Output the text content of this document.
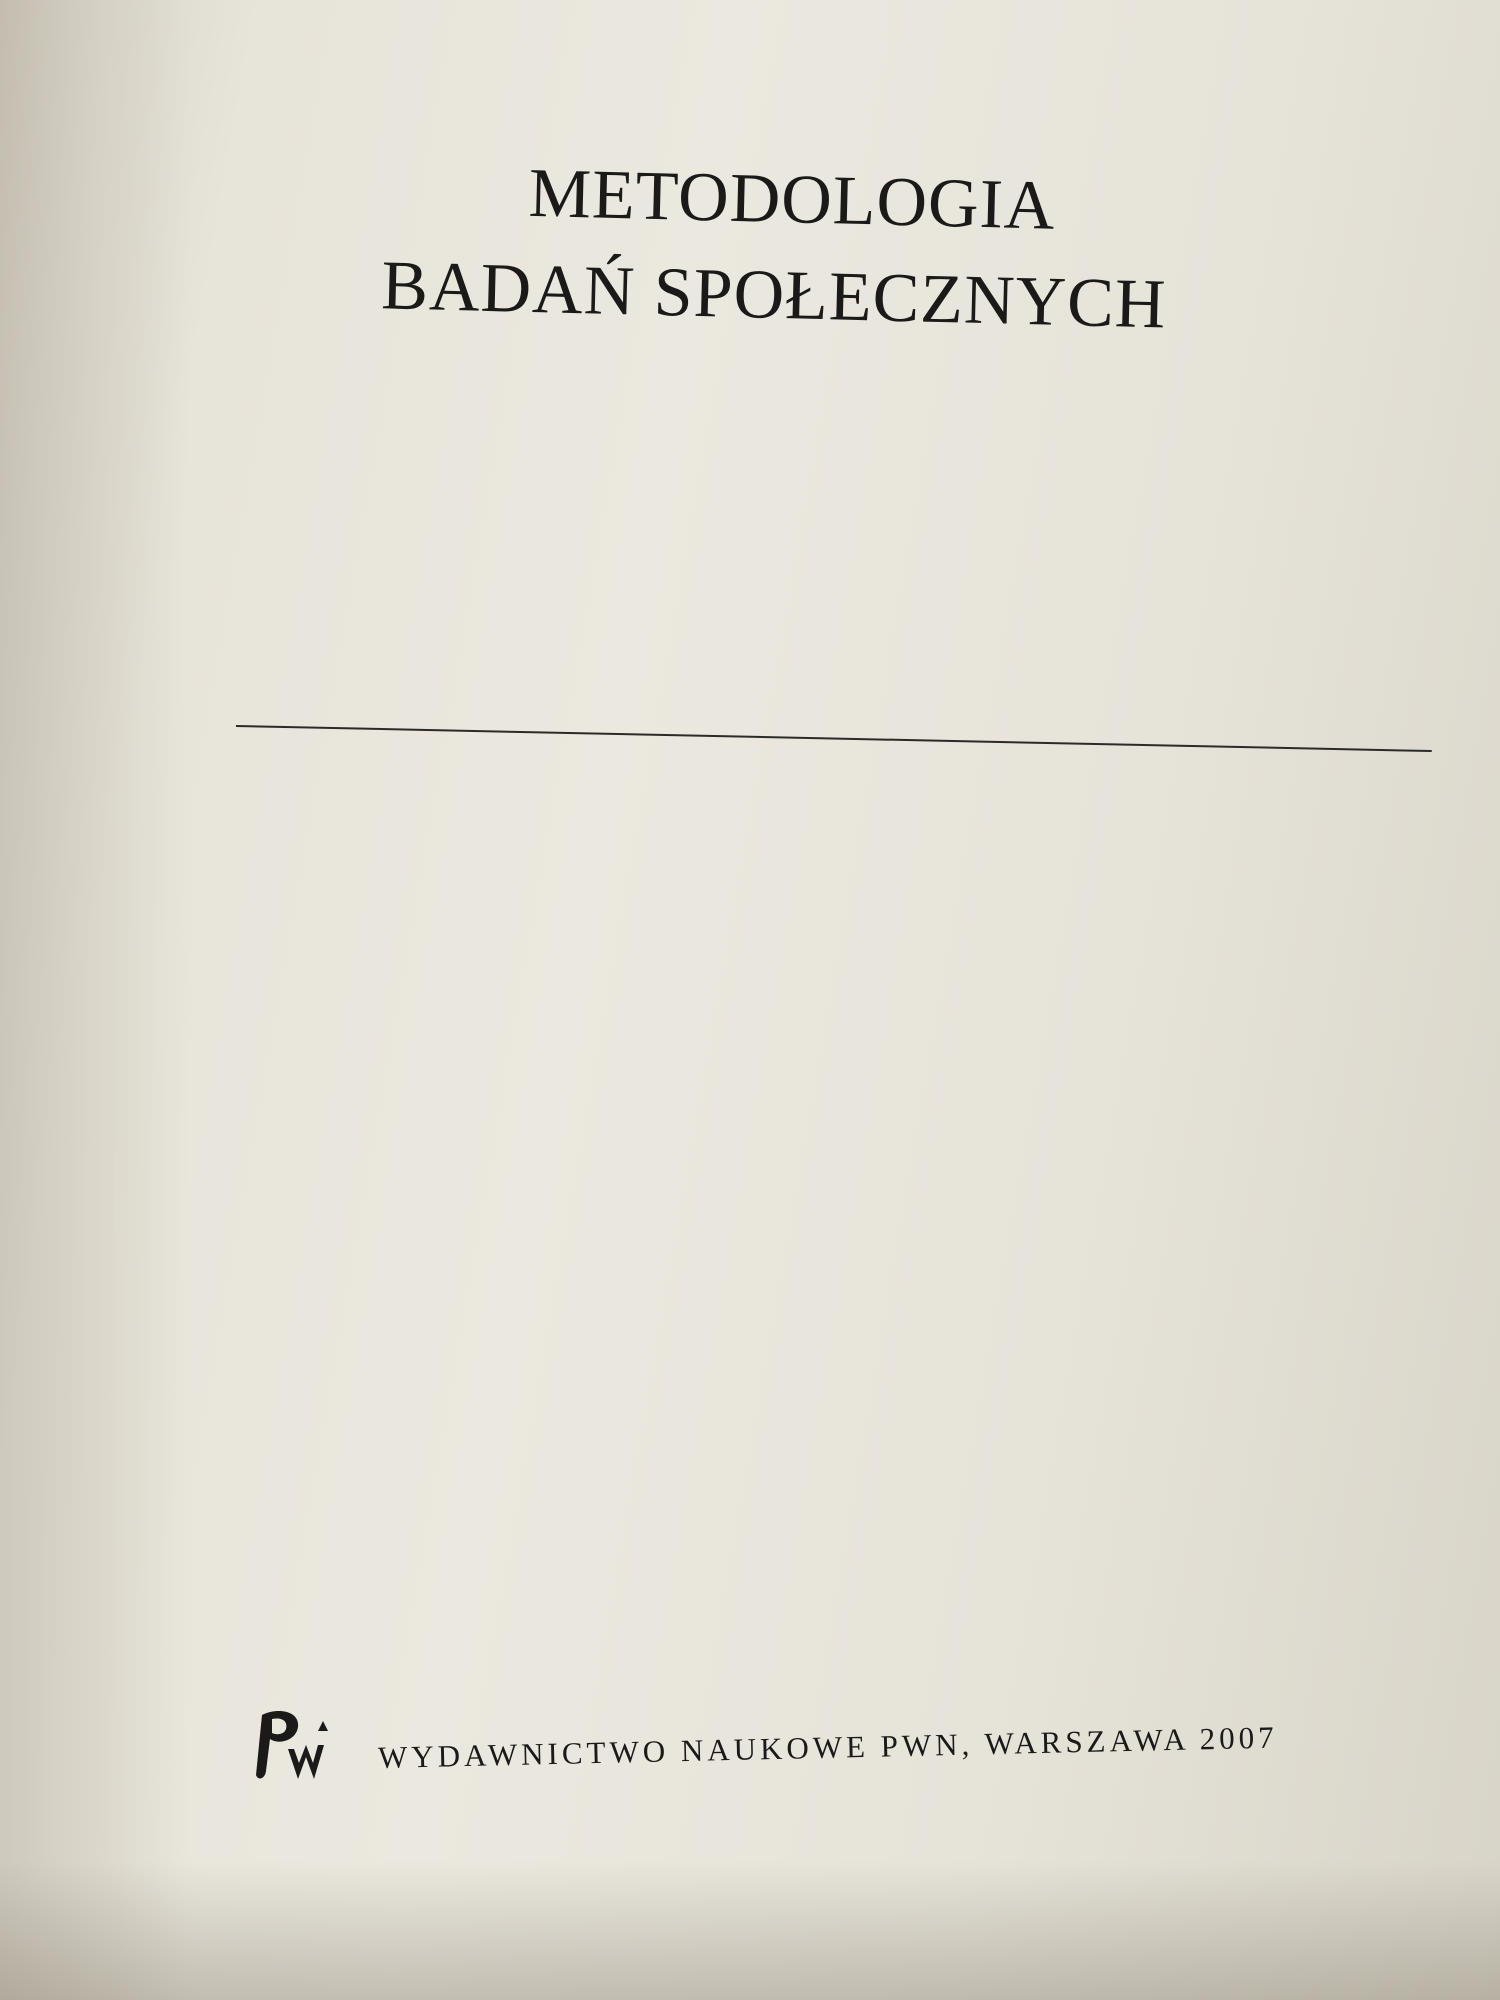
METODOLOGIA
BADAŃ SPOŁECZNYCH
WYDAWNICTWO NAUKOWE PWN, WARSZAWA 2007
